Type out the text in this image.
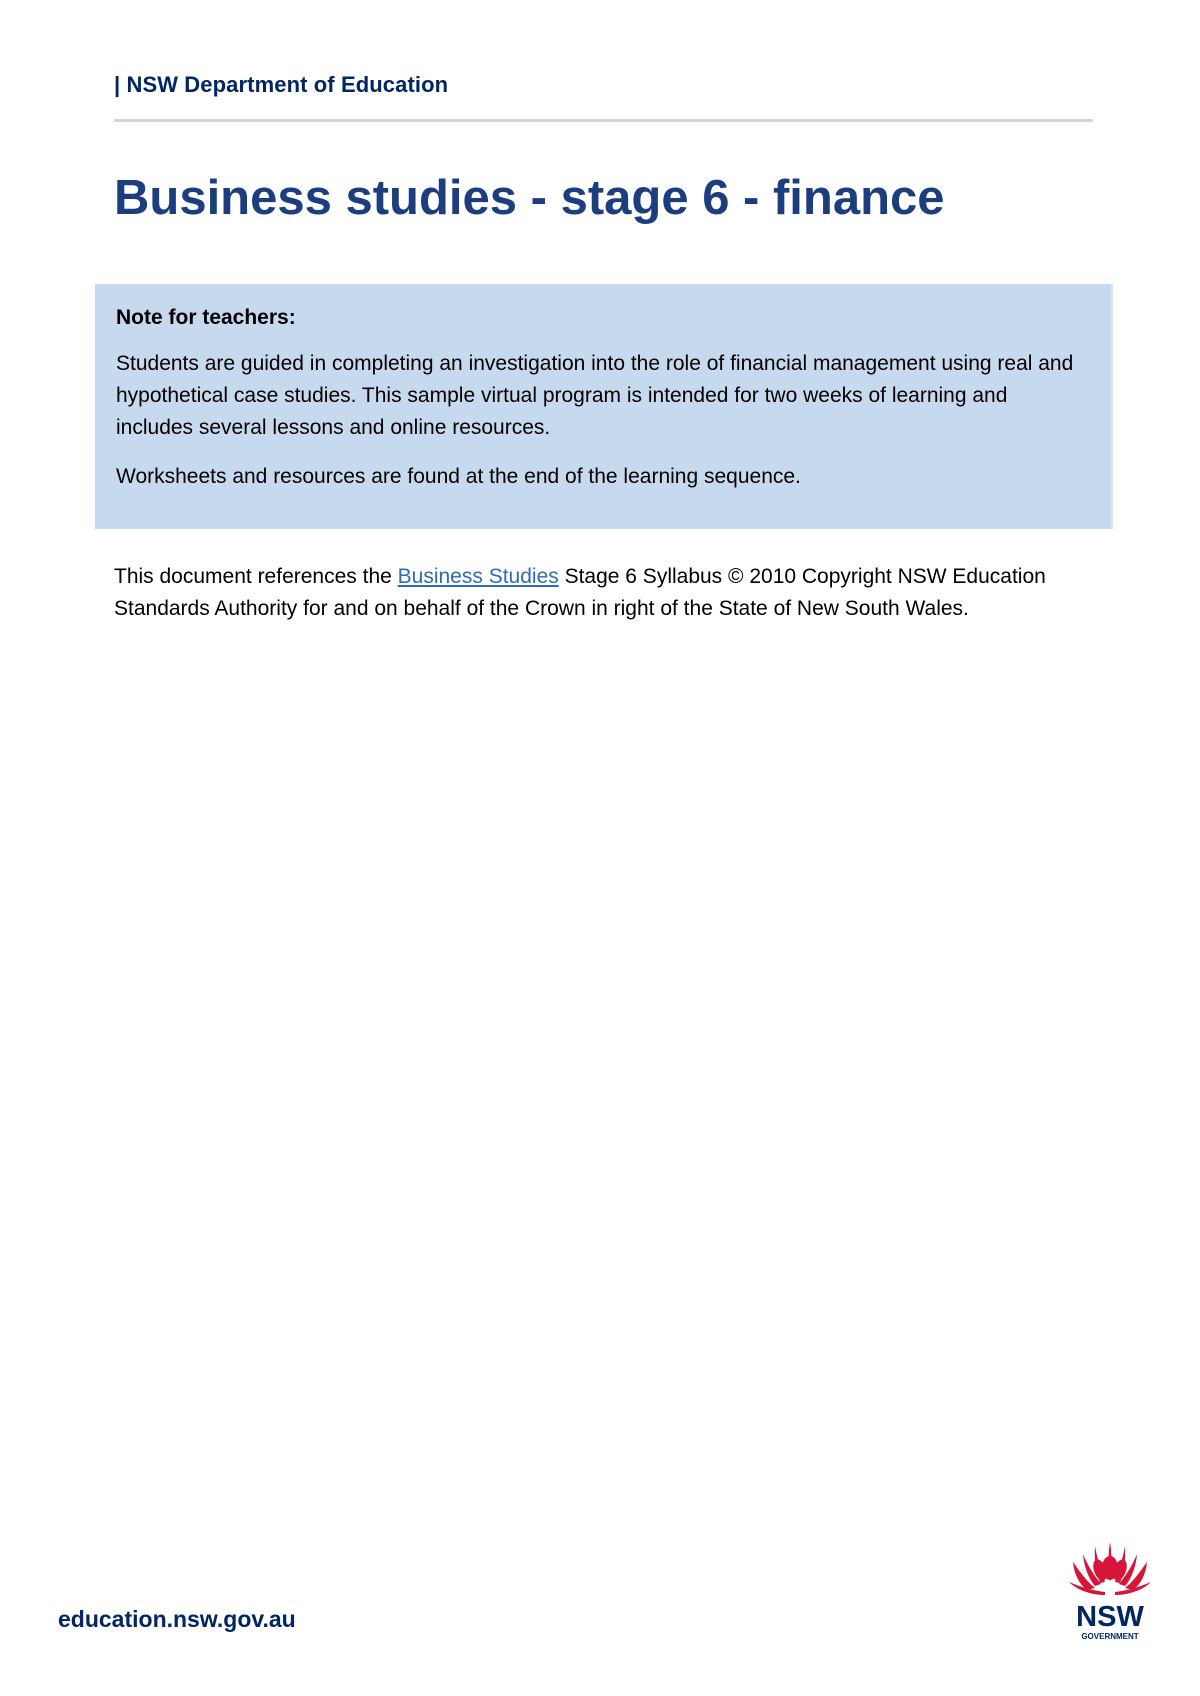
| NSW Department of Education
Business studies - stage 6 - finance

Note for teachers:

Students are guided in completing an investigation into the role of financial management using real and hypothetical case studies. This sample virtual program is intended for two weeks of learning and includes several lessons and online resources.

Worksheets and resources are found at the end of the learning sequence.

This document references the Business Studies Stage 6 Syllabus © 2010 Copyright NSW Education Standards Authority for and on behalf of the Crown in right of the State of New South Wales.

education.nsw.gov.au	NSW
GOVERNMENT
